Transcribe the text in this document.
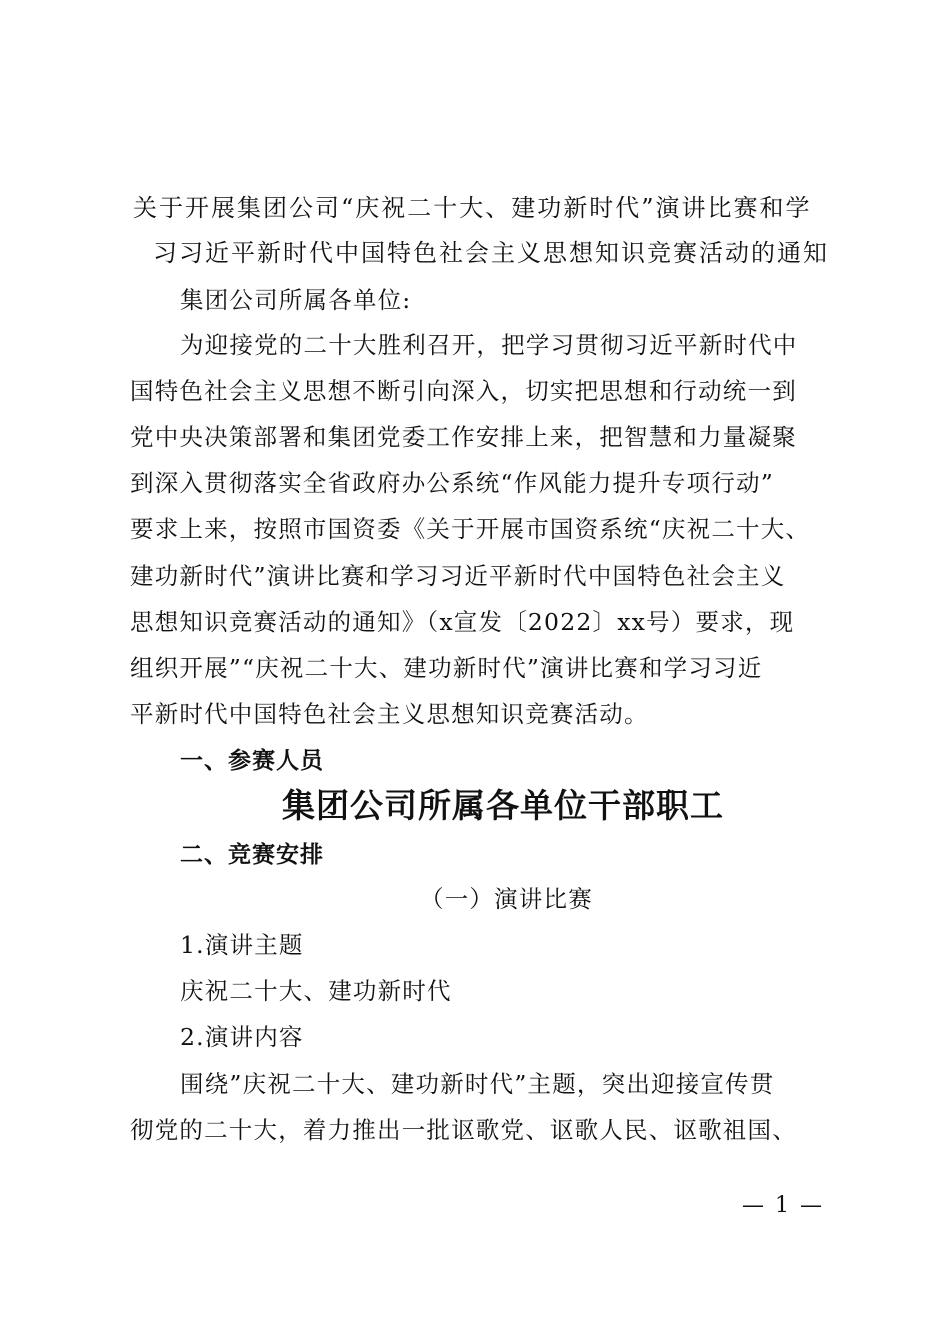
关于开展集团公司“庆祝二十大、建功新时代”演讲比赛和学
习习近平新时代中国特色社会主义思想知识竞赛活动的通知
集团公司所属各单位:
为迎接党的二十大胜利召开，把学习贯彻习近平新时代中
国特色社会主义思想不断引向深入，切实把思想和行动统一到
党中央决策部署和集团党委工作安排上来，把智慧和力量凝聚
到深入贯彻落实全省政府办公系统“作风能力提升专项行动”
要求上来，按照市国资委《关于开展市国资系统“庆祝二十大、
建功新时代”演讲比赛和学习习近平新时代中国特色社会主义
思想知识竞赛活动的通知》（x宣发〔2022〕xx号）要求，现
组织开展”“庆祝二十大、建功新时代”演讲比赛和学习习近
平新时代中国特色社会主义思想知识竞赛活动。
一、参赛人员
集团公司所属各单位干部职工
二、竞赛安排
（一）演讲比赛
1.演讲主题
庆祝二十大、建功新时代
2.演讲内容
围绕”庆祝二十大、建功新时代”主题，突出迎接宣传贯
彻党的二十大，着力推出一批讴歌党、讴歌人民、讴歌祖国、
— 1 —
